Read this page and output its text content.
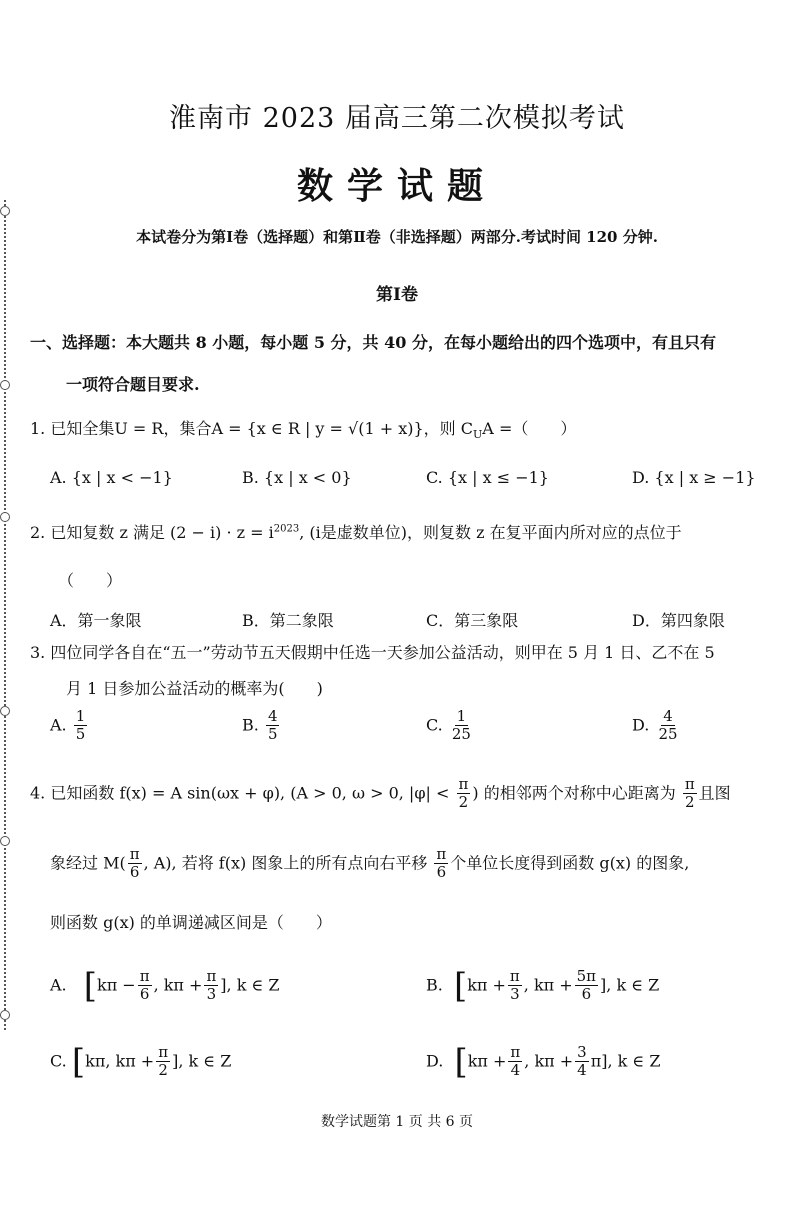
淮南市 2023 届高三第二次模拟考试
数学试题
本试卷分为第Ⅰ卷（选择题）和第Ⅱ卷（非选择题）两部分.考试时间 120 分钟.
第Ⅰ卷
一、选择题：本大题共 8 小题，每小题 5 分，共 40 分，在每小题给出的四个选项中，有且只有
一项符合题目要求.
1. 已知全集U = R，集合A = {x ∈ R | y = √(1 + x)}，则 $C_UA$ =（　　）
A. {x | x < −1}	B. {x | x < 0}	C. {x | x ≤ −1}	D. {x | x ≥ −1}
2. 已知复数 z 满足 $(2 - i) \cdot z = i^{2023}$, (i是虚数单位)，则复数 z 在复平面内所对应的点位于
（　　）
A．第一象限	B．第二象限	C．第三象限	D．第四象限
3. 四位同学各自在“五一”劳动节五天假期中任选一天参加公益活动，则甲在 5 月 1 日、乙不在 5
月 1 日参加公益活动的概率为(　　)
A. $\frac{1}{5}$	B. $\frac{4}{5}$	C. $\frac{1}{25}$	D. $\frac{4}{25}$
4. 已知函数 f(x) = A sin(ωx + φ), (A > 0, ω > 0, $|\varphi| < \frac{\pi}{2}$ ) 的相邻两个对称中心距离为 $\frac{\pi}{2}$ 且图
象经过 $M( \frac{\pi}{6}$ , A), 若将 f(x) 图象上的所有点向右平移 $\frac{\pi}{6}$ 个单位长度得到函数 g(x) 的图象,
则函数 g(x) 的单调递减区间是（　　）
A. [$k\pi - \frac{\pi}{6}$ , $k\pi + \frac{\pi}{3}$ ], k ∈ Z	B. [$k\pi + \frac{\pi}{3}$ , $k\pi + \frac{5\pi}{6}$ ], k ∈ Z
C. [kπ, $k\pi + \frac{\pi}{2}$ ], k ∈ Z	D. [$k\pi + \frac{\pi}{4}$ , $k\pi + \frac{3}{4} \pi$], k ∈ Z
数学试题第 1 页 共 6 页
